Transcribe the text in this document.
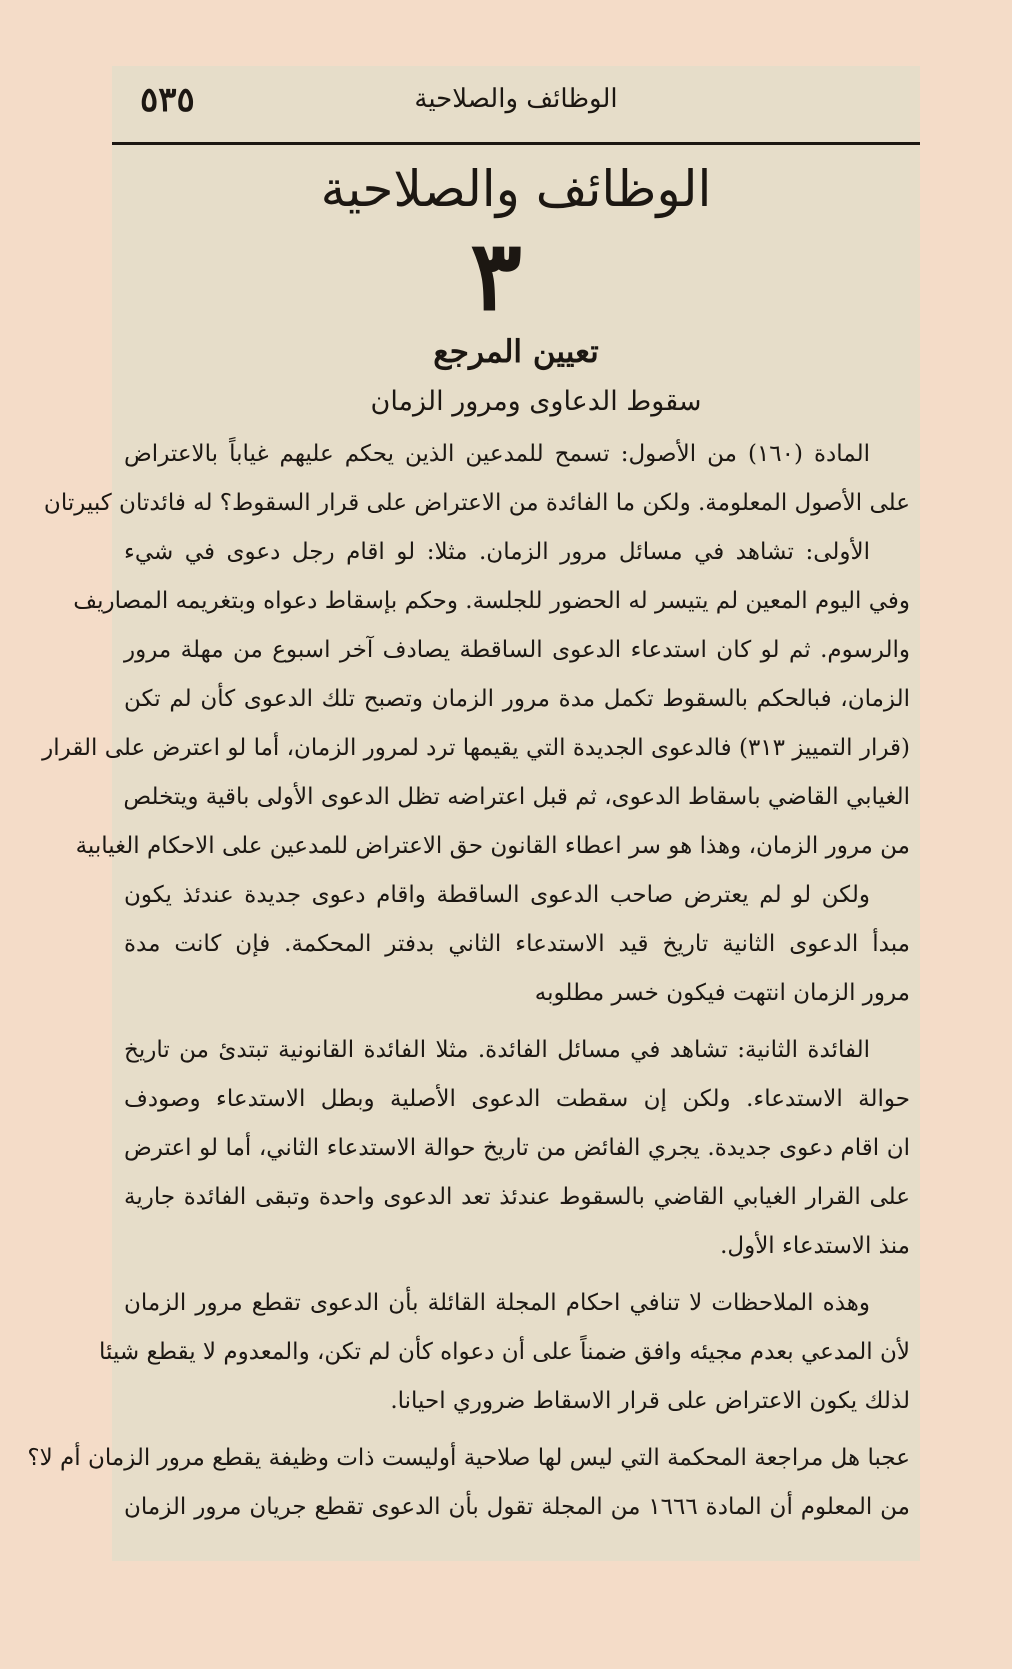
٥٣٥	الوظائف والصلاحية
الوظائف والصلاحية
٣
تعيين المرجع
سقوط الدعاوى ومرور الزمان
المادة (١٦٠) من الأصول: تسمح للمدعين الذين يحكم عليهم غياباً بالاعتراض
على الأصول المعلومة. ولكن ما الفائدة من الاعتراض على قرار السقوط؟ له فائدتان كبيرتان
الأولى: تشاهد في مسائل مرور الزمان. مثلا: لو اقام رجل دعوى في شيء
وفي اليوم المعين لم يتيسر له الحضور للجلسة. وحكم بإسقاط دعواه وبتغريمه المصاريف
والرسوم. ثم لو كان استدعاء الدعوى الساقطة يصادف آخر اسبوع من مهلة مرور
الزمان، فبالحكم بالسقوط تكمل مدة مرور الزمان وتصبح تلك الدعوى كأن لم تكن
(قرار التمييز ٣١٣) فالدعوى الجديدة التي يقيمها ترد لمرور الزمان، أما لو اعترض على القرار
الغيابي القاضي باسقاط الدعوى، ثم قبل اعتراضه تظل الدعوى الأولى باقية ويتخلص
من مرور الزمان، وهذا هو سر اعطاء القانون حق الاعتراض للمدعين على الاحكام الغيابية
ولكن لو لم يعترض صاحب الدعوى الساقطة واقام دعوى جديدة عندئذ يكون
مبدأ الدعوى الثانية تاريخ قيد الاستدعاء الثاني بدفتر المحكمة. فإن كانت مدة
مرور الزمان انتهت فيكون خسر مطلوبه
الفائدة الثانية: تشاهد في مسائل الفائدة. مثلا الفائدة القانونية تبتدئ من تاريخ
حوالة الاستدعاء. ولكن إن سقطت الدعوى الأصلية وبطل الاستدعاء وصودف
ان اقام دعوى جديدة. يجري الفائض من تاريخ حوالة الاستدعاء الثاني، أما لو اعترض
على القرار الغيابي القاضي بالسقوط عندئذ تعد الدعوى واحدة وتبقى الفائدة جارية
منذ الاستدعاء الأول.
وهذه الملاحظات لا تنافي احكام المجلة القائلة بأن الدعوى تقطع مرور الزمان
لأن المدعي بعدم مجيئه وافق ضمناً على أن دعواه كأن لم تكن، والمعدوم لا يقطع شيئا
لذلك يكون الاعتراض على قرار الاسقاط ضروري احيانا.
عجبا هل مراجعة المحكمة التي ليس لها صلاحية أوليست ذات وظيفة يقطع مرور الزمان أم لا؟
من المعلوم أن المادة ١٦٦٦ من المجلة تقول بأن الدعوى تقطع جريان مرور الزمان
